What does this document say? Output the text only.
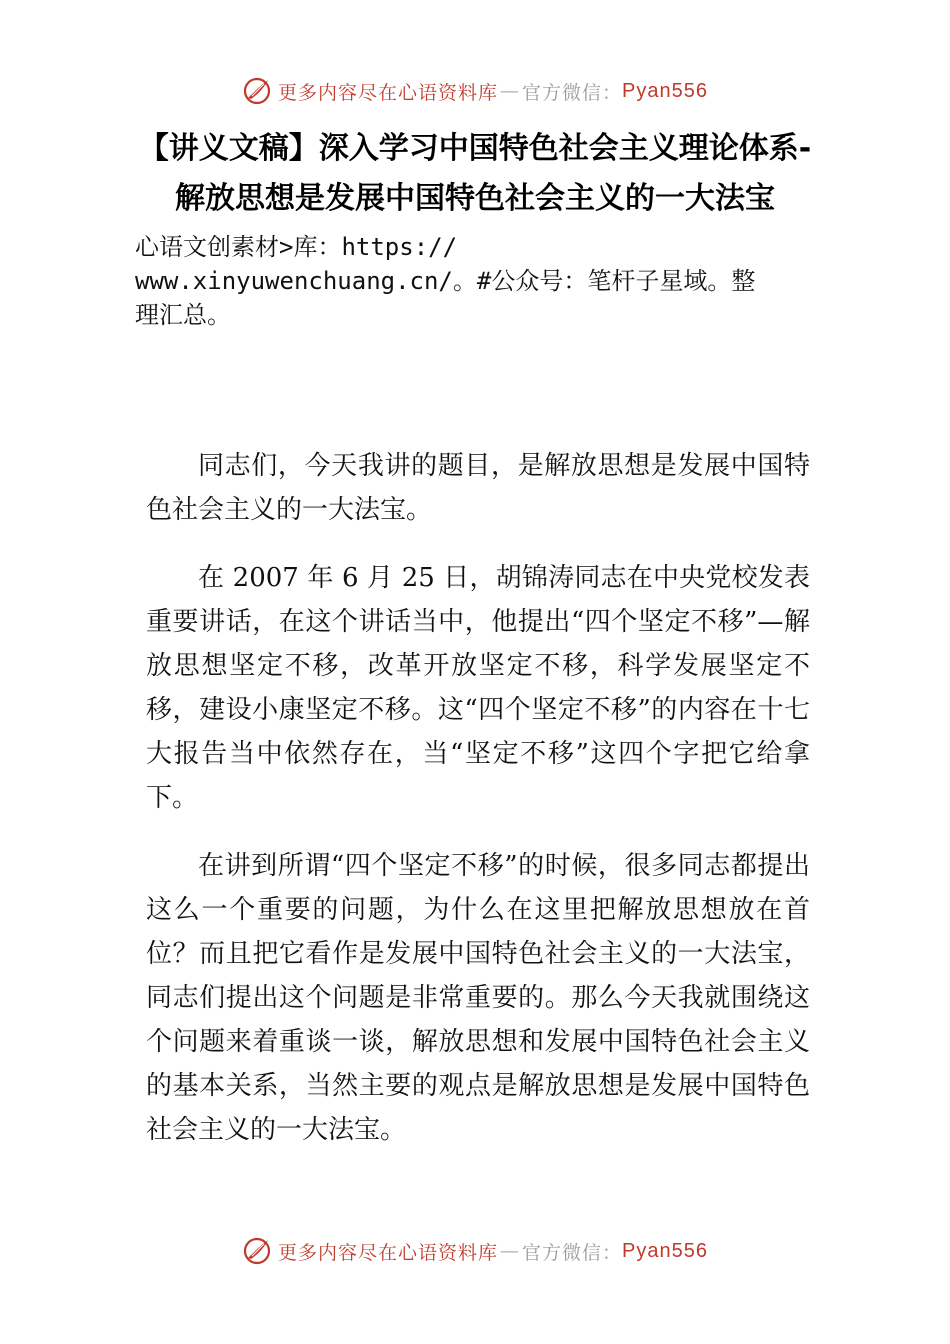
更多内容尽在心语资料库 — 官方微信： Pyan556
【讲义文稿】深入学习中国特色社会主义理论体系-
解放思想是发展中国特色社会主义的一大法宝
心语文创素材>库：https://
www.xinyuwenchuang.cn/。#公众号：笔杆子星域。整
理汇总。

同志们，今天我讲的题目，是解放思想是发展中国特色社会主义的一大法宝。

在 2007 年 6 月 25 日，胡锦涛同志在中央党校发表重要讲话，在这个讲话当中，他提出“四个坚定不移”—解放思想坚定不移，改革开放坚定不移，科学发展坚定不移，建设小康坚定不移。这“四个坚定不移”的内容在十七大报告当中依然存在，当“坚定不移”这四个字把它给拿下。

在讲到所谓“四个坚定不移”的时候，很多同志都提出这么一个重要的问题，为什么在这里把解放思想放在首位？而且把它看作是发展中国特色社会主义的一大法宝，同志们提出这个问题是非常重要的。那么今天我就围绕这个问题来着重谈一谈，解放思想和发展中国特色社会主义的基本关系，当然主要的观点是解放思想是发展中国特色社会主义的一大法宝。

更多内容尽在心语资料库 — 官方微信： Pyan556
